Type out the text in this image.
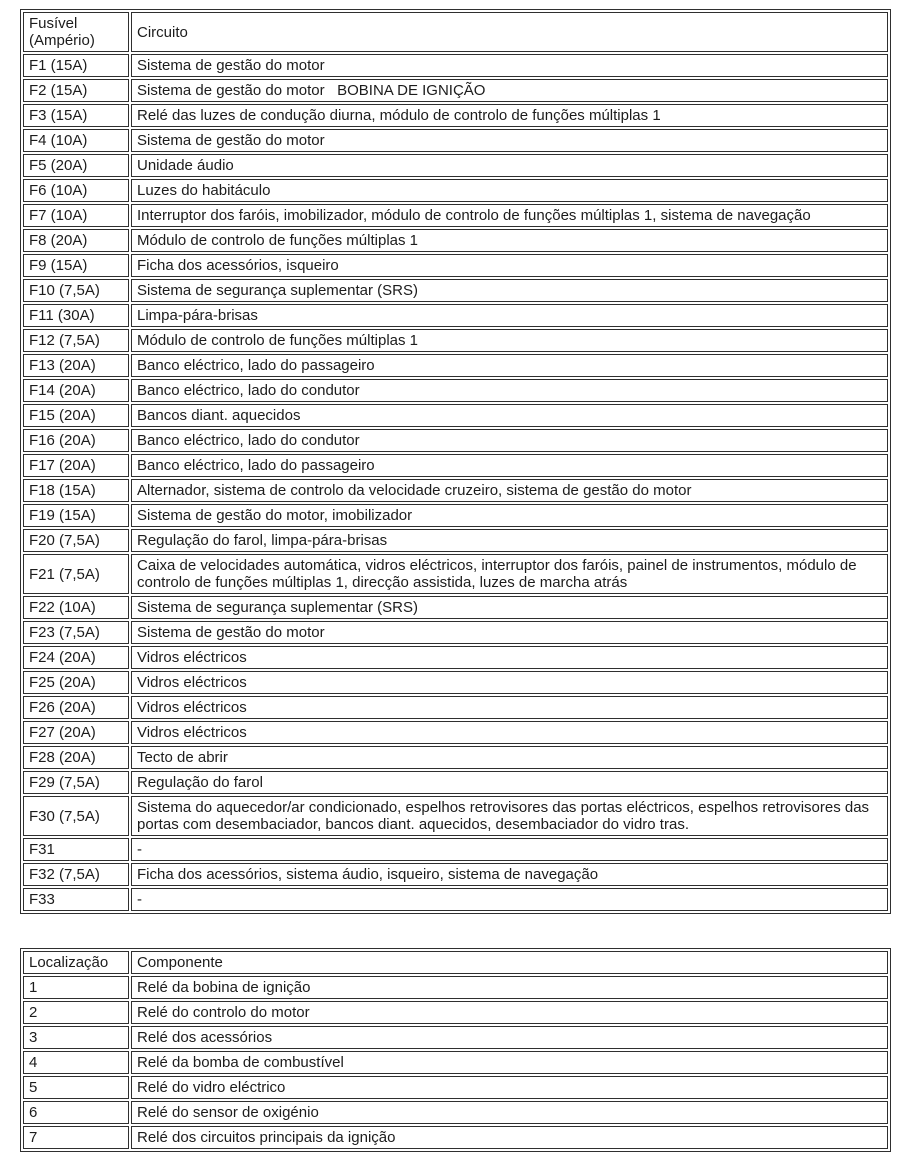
Fusível (Ampério)	Circuito
F1 (15A)	Sistema de gestão do motor
F2 (15A)	Sistema de gestão do motor   BOBINA DE IGNIÇÃO
F3 (15A)	Relé das luzes de condução diurna, módulo de controlo de funções múltiplas 1
F4 (10A)	Sistema de gestão do motor
F5 (20A)	Unidade áudio
F6 (10A)	Luzes do habitáculo
F7 (10A)	Interruptor dos faróis, imobilizador, módulo de controlo de funções múltiplas 1, sistema de navegação
F8 (20A)	Módulo de controlo de funções múltiplas 1
F9 (15A)	Ficha dos acessórios, isqueiro
F10 (7,5A)	Sistema de segurança suplementar (SRS)
F11 (30A)	Limpa-pára-brisas
F12 (7,5A)	Módulo de controlo de funções múltiplas 1
F13 (20A)	Banco eléctrico, lado do passageiro
F14 (20A)	Banco eléctrico, lado do condutor
F15 (20A)	Bancos diant. aquecidos
F16 (20A)	Banco eléctrico, lado do condutor
F17 (20A)	Banco eléctrico, lado do passageiro
F18 (15A)	Alternador, sistema de controlo da velocidade cruzeiro, sistema de gestão do motor
F19 (15A)	Sistema de gestão do motor, imobilizador
F20 (7,5A)	Regulação do farol, limpa-pára-brisas
F21 (7,5A)	Caixa de velocidades automática, vidros eléctricos, interruptor dos faróis, painel de instrumentos, módulo de controlo de funções múltiplas 1, direcção assistida, luzes de marcha atrás
F22 (10A)	Sistema de segurança suplementar (SRS)
F23 (7,5A)	Sistema de gestão do motor
F24 (20A)	Vidros eléctricos
F25 (20A)	Vidros eléctricos
F26 (20A)	Vidros eléctricos
F27 (20A)	Vidros eléctricos
F28 (20A)	Tecto de abrir
F29 (7,5A)	Regulação do farol
F30 (7,5A)	Sistema do aquecedor/ar condicionado, espelhos retrovisores das portas eléctricos, espelhos retrovisores das portas com desembaciador, bancos diant. aquecidos, desembaciador do vidro tras.
F31	-
F32 (7,5A)	Ficha dos acessórios, sistema áudio, isqueiro, sistema de navegação
F33	-
Localização	Componente
1	Relé da bobina de ignição
2	Relé do controlo do motor
3	Relé dos acessórios
4	Relé da bomba de combustível
5	Relé do vidro eléctrico
6	Relé do sensor de oxigénio
7	Relé dos circuitos principais da ignição
